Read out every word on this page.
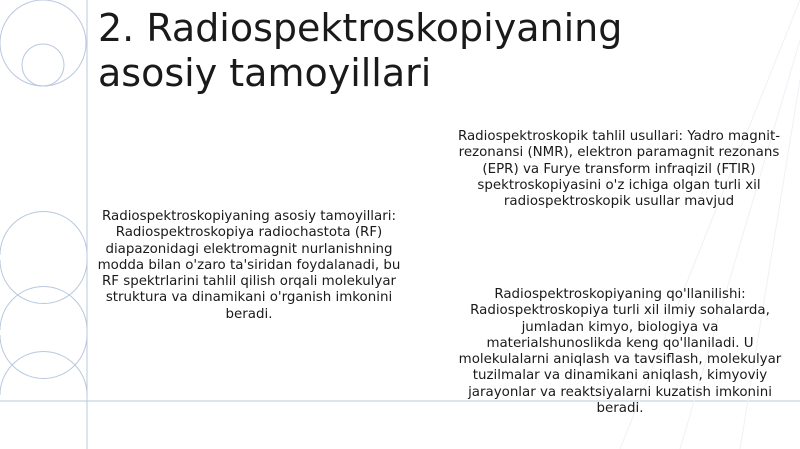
2. Radiospektroskopiyaning
asosiy tamoyillari

Radiospektroskopiyaning asosiy tamoyillari: Radiospektroskopiya radiochastota (RF) diapazonidagi elektromagnit nurlanishning modda bilan o'zaro ta'siridan foydalanadi, bu RF spektrlarini tahlil qilish orqali molekulyar struktura va dinamikani o'rganish imkonini beradi.

Radiospektroskopik tahlil usullari: Yadro magnit-rezonansi (NMR), elektron paramagnit rezonans (EPR) va Furye transform infraqizil (FTIR) spektroskopiyasini o'z ichiga olgan turli xil radiospektroskopik usullar mavjud

Radiospektroskopiyaning qo'llanilishi: Radiospektroskopiya turli xil ilmiy sohalarda, jumladan kimyo, biologiya va materialshunoslikda keng qo'llaniladi. U molekulalarni aniqlash va tavsiflash, molekulyar tuzilmalar va dinamikani aniqlash, kimyoviy jarayonlar va reaktsiyalarni kuzatish imkonini beradi.
